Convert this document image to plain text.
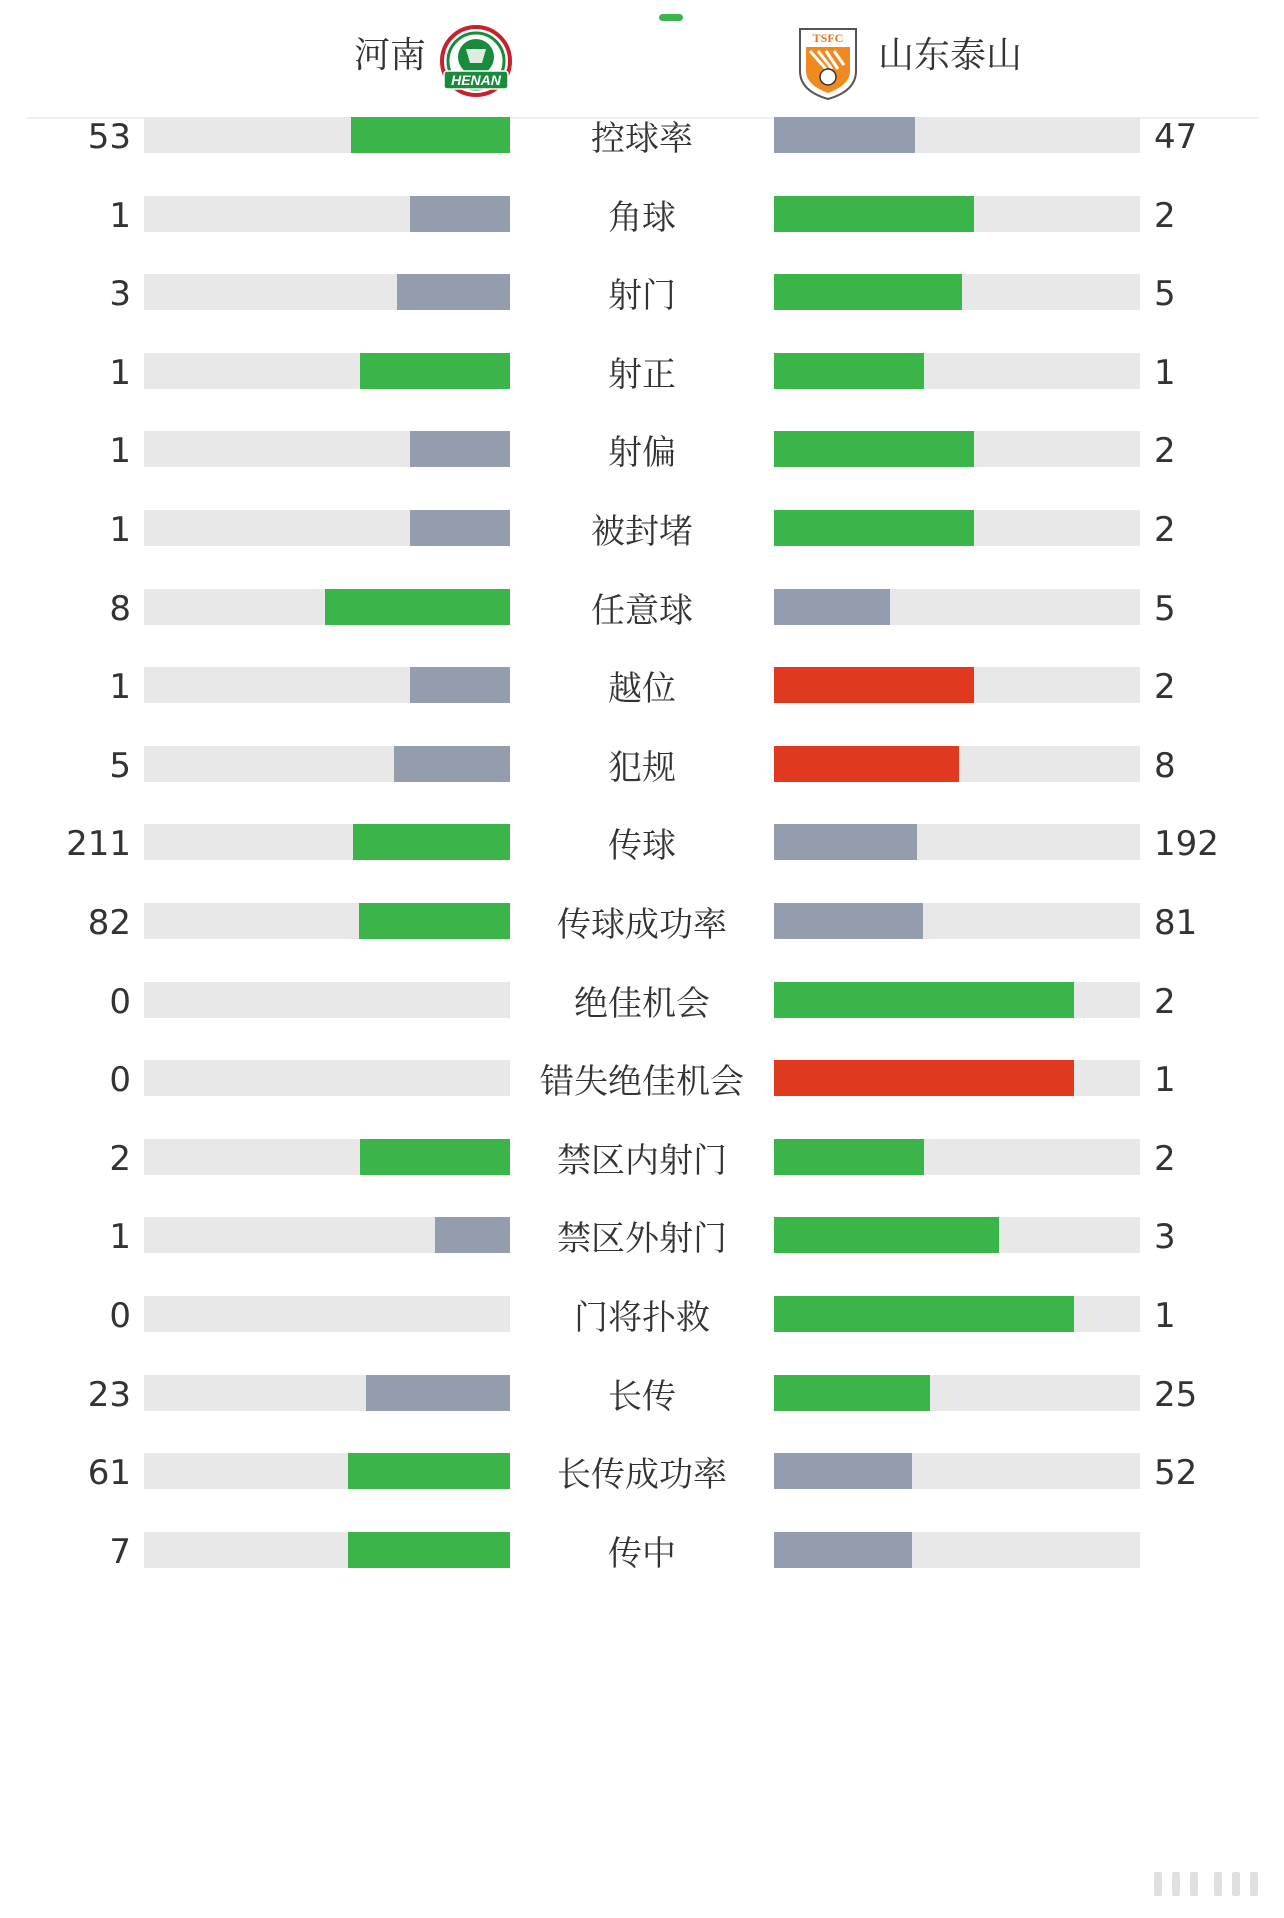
河南
HENAN
TSFC 山东泰山
53	控球率	47
1	角球	2
3	射门	5
1	射正	1
1	射偏	2
1	被封堵	2
8	任意球	5
1	越位	2
5	犯规	8
211	传球	192
82	传球成功率	81
0	绝佳机会	2
0	错失绝佳机会	1
2	禁区内射门	2
1	禁区外射门	3
0	门将扑救	1
23	长传	25
61	长传成功率	52
7	传中
